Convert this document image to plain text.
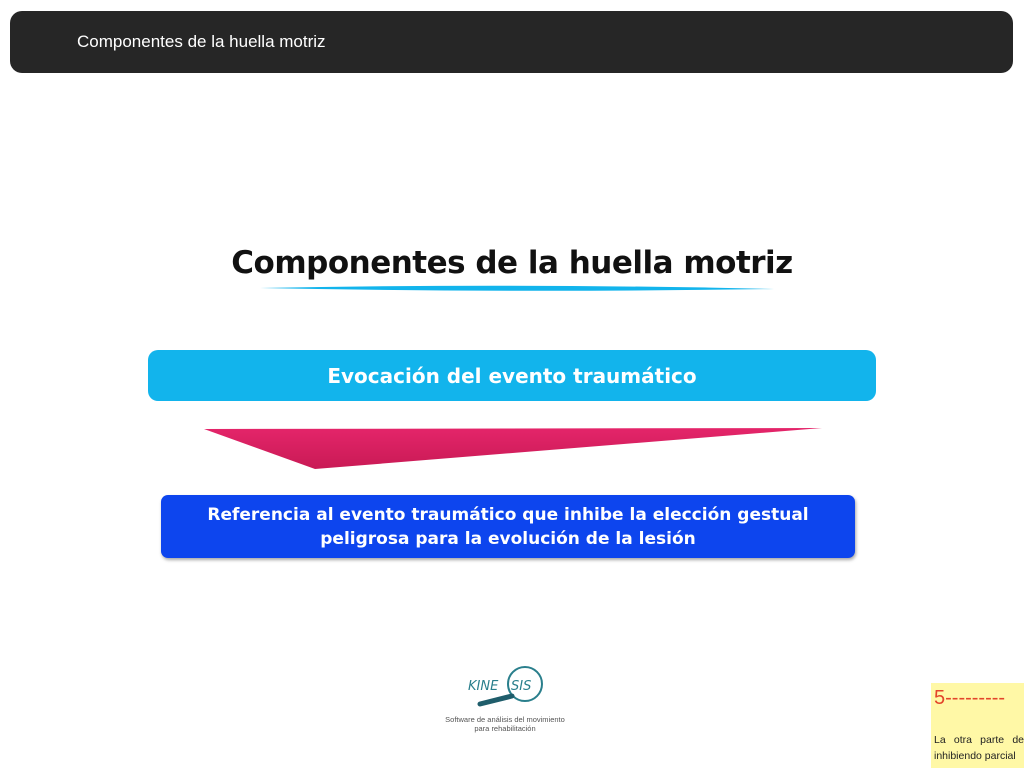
Componentes de la huella motriz
Componentes de la huella motriz
Evocación del evento traumático
Referencia al evento traumático que inhibe la elección gestual peligrosa para la evolución de la lesión
KINE SIS
Software de análisis del movimiento
para rehabilitación
5---------
La otra parte de inhibiendo parcial
